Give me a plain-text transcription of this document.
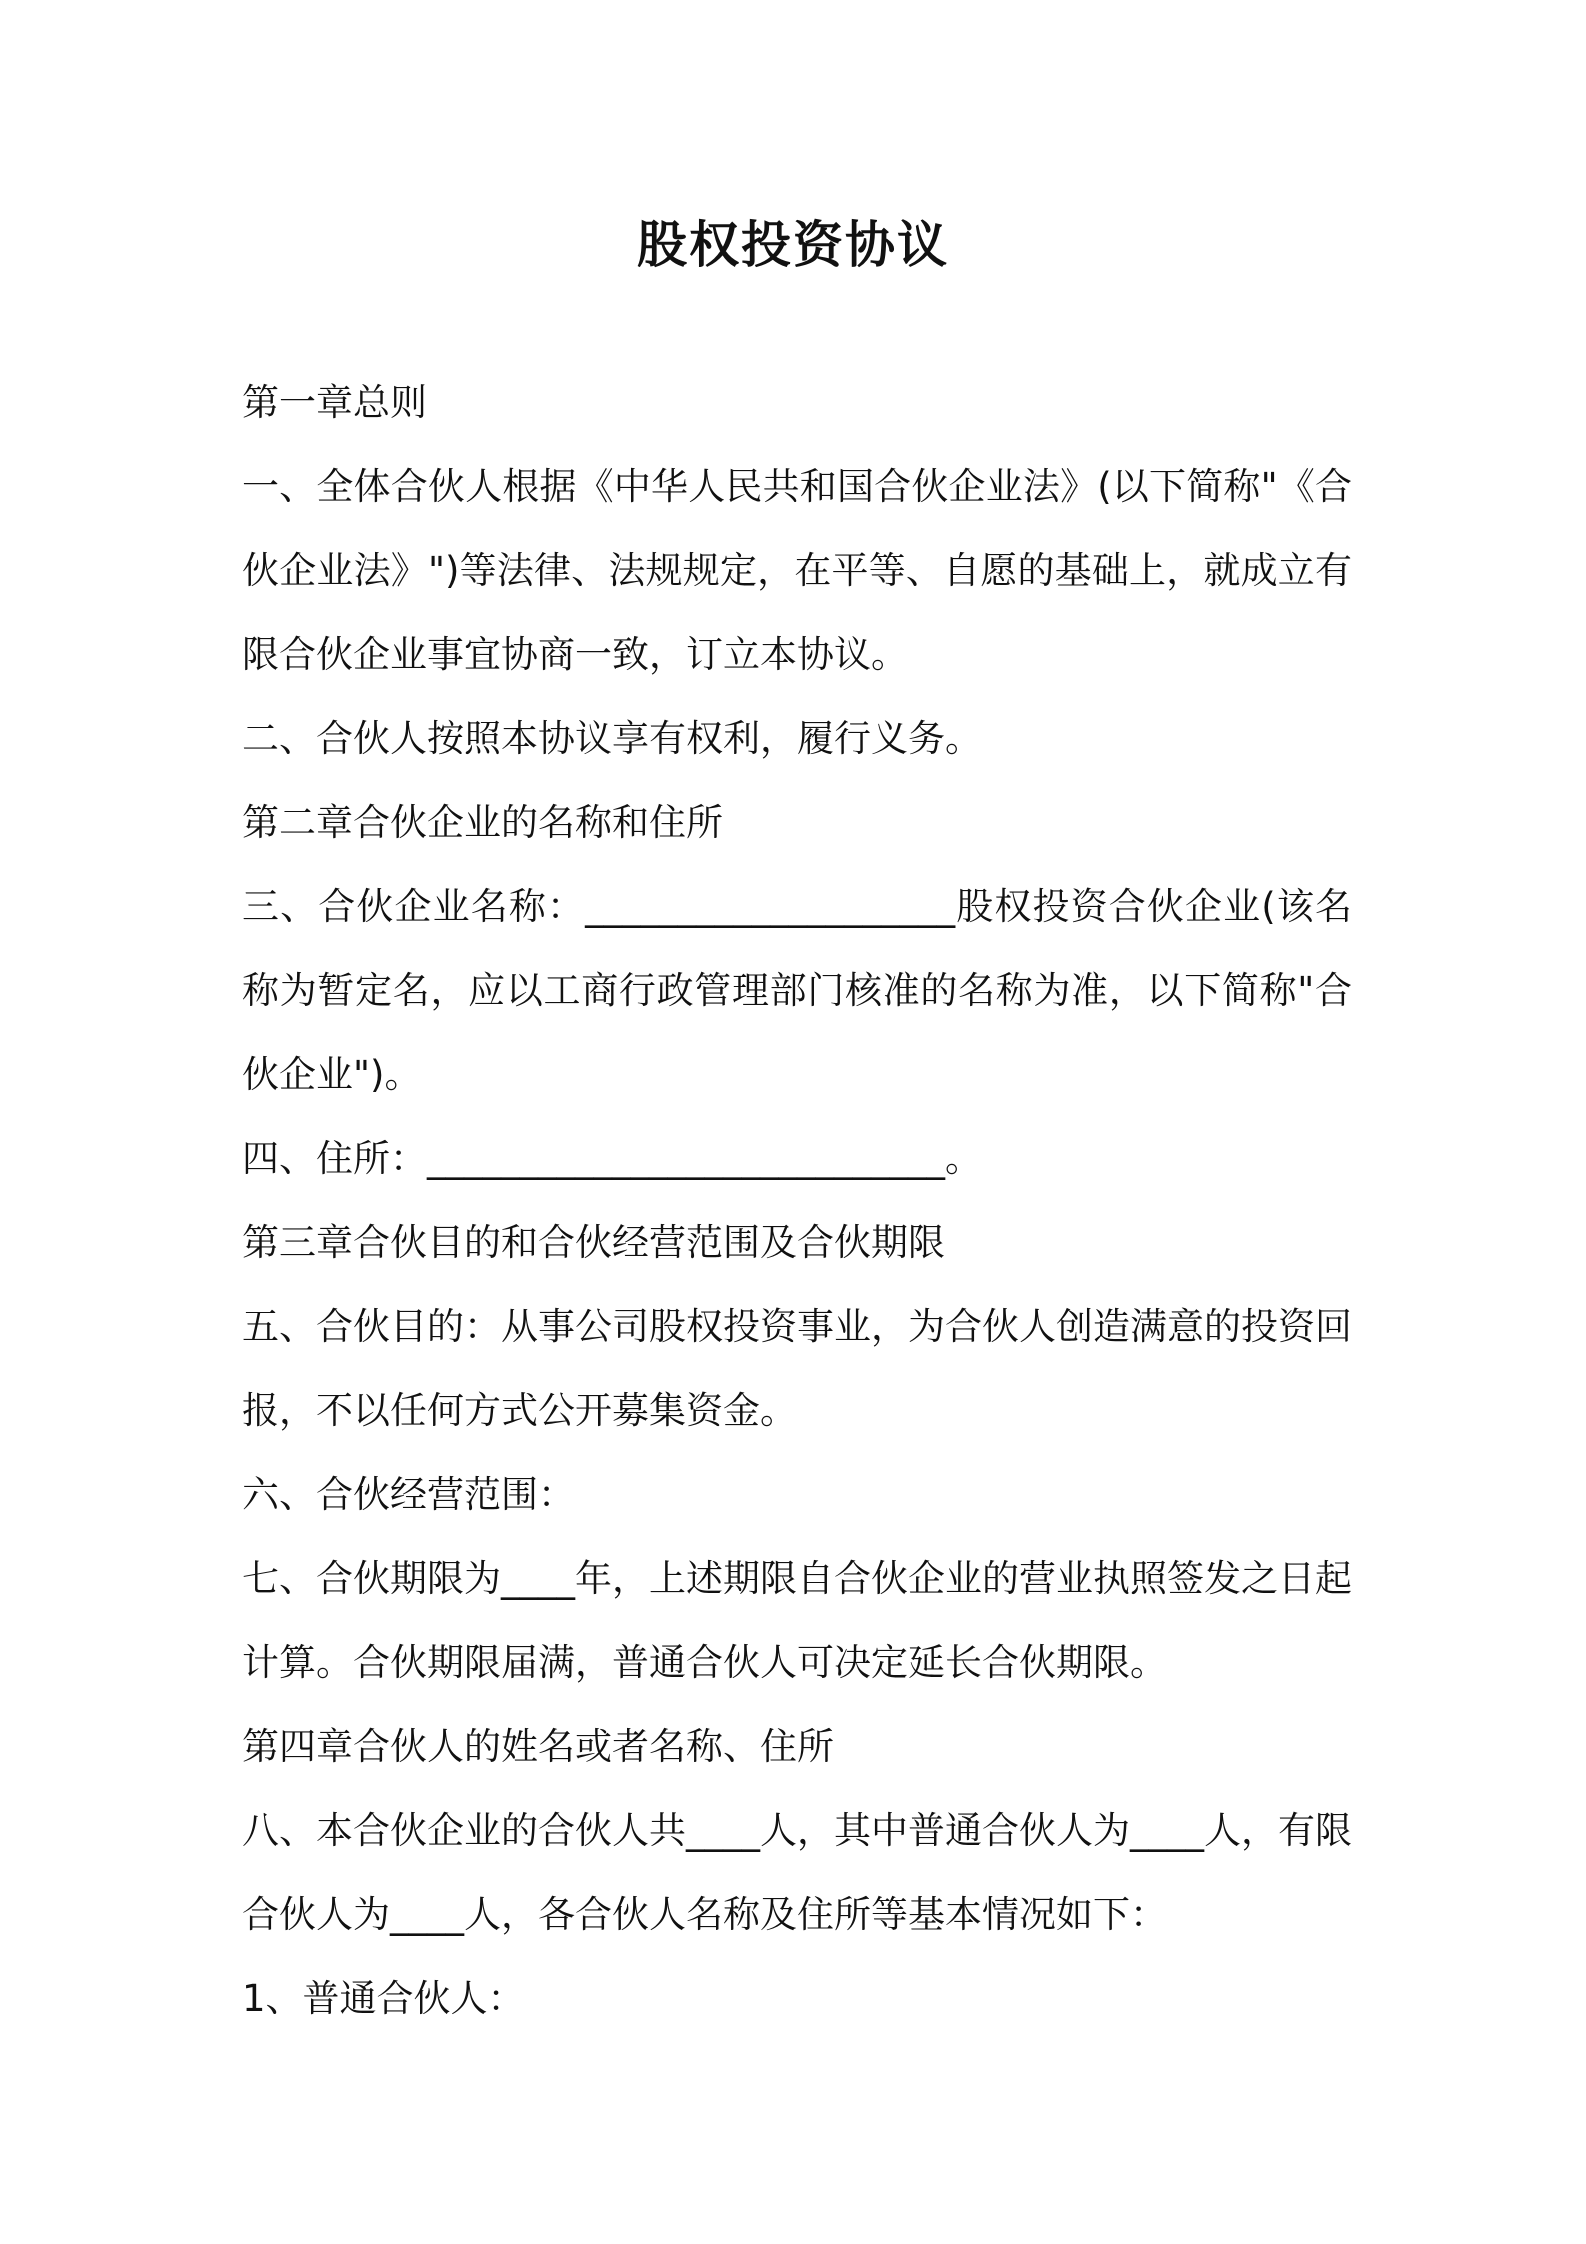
股权投资协议

第一章总则

一、全体合伙人根据《中华人民共和国合伙企业法》(以下简称"《合伙企业法》")等法律、法规规定，在平等、自愿的基础上，就成立有限合伙企业事宜协商一致，订立本协议。

二、合伙人按照本协议享有权利，履行义务。

第二章合伙企业的名称和住所

三、合伙企业名称：____________________股权投资合伙企业(该名称为暂定名，应以工商行政管理部门核准的名称为准，以下简称"合伙企业")。

四、住所：____________________________。

第三章合伙目的和合伙经营范围及合伙期限

五、合伙目的：从事公司股权投资事业，为合伙人创造满意的投资回报，不以任何方式公开募集资金。

六、合伙经营范围：

七、合伙期限为____年，上述期限自合伙企业的营业执照签发之日起计算。合伙期限届满，普通合伙人可决定延长合伙期限。

第四章合伙人的姓名或者名称、住所

八、本合伙企业的合伙人共____人，其中普通合伙人为____人，有限合伙人为____人，各合伙人名称及住所等基本情况如下：

1、普通合伙人：
